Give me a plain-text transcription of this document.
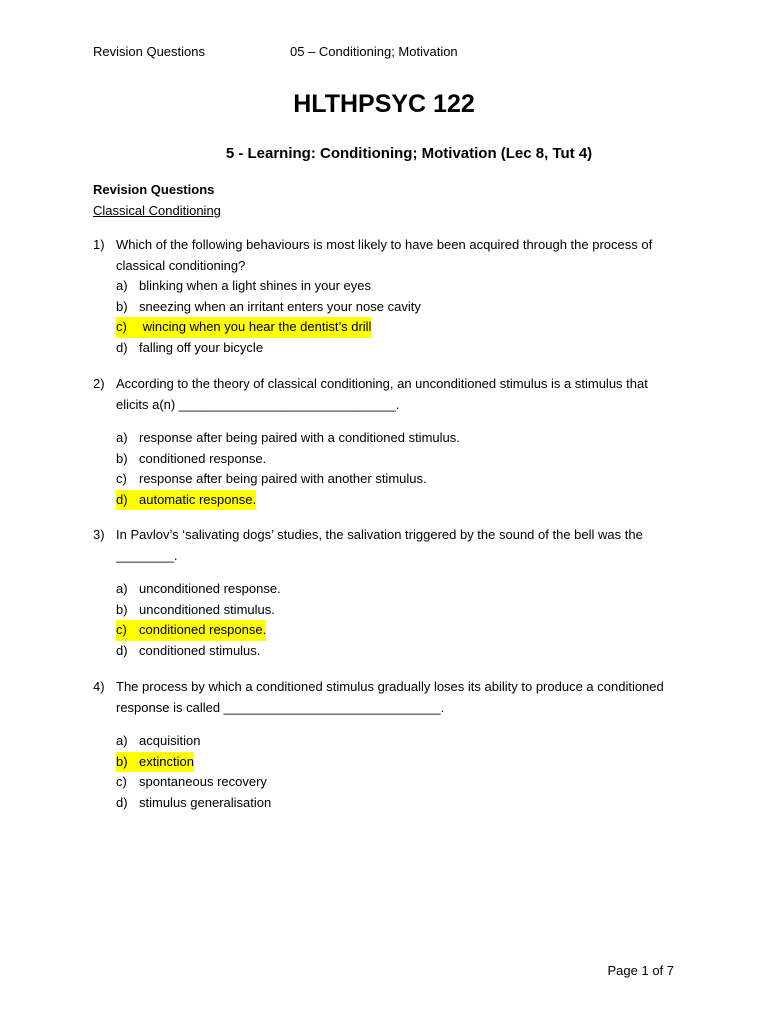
Revision Questions	05 – Conditioning; Motivation
HLTHPSYC 122
5 - Learning: Conditioning; Motivation (Lec 8, Tut 4)
Revision Questions
Classical Conditioning
1) Which of the following behaviours is most likely to have been acquired through the process of classical conditioning?
a) blinking when a light shines in your eyes
b) sneezing when an irritant enters your nose cavity
c) wincing when you hear the dentist’s drill
d) falling off your bicycle
2) According to the theory of classical conditioning, an unconditioned stimulus is a stimulus that elicits a(n) ______________________________.
a) response after being paired with a conditioned stimulus.
b) conditioned response.
c) response after being paired with another stimulus.
d) automatic response.
3) In Pavlov’s ‘salivating dogs’ studies, the salivation triggered by the sound of the bell was the ________.
a) unconditioned response.
b) unconditioned stimulus.
c) conditioned response.
d) conditioned stimulus.
4) The process by which a conditioned stimulus gradually loses its ability to produce a conditioned response is called ______________________________.
a) acquisition
b) extinction
c) spontaneous recovery
d) stimulus generalisation
Page 1 of 7
